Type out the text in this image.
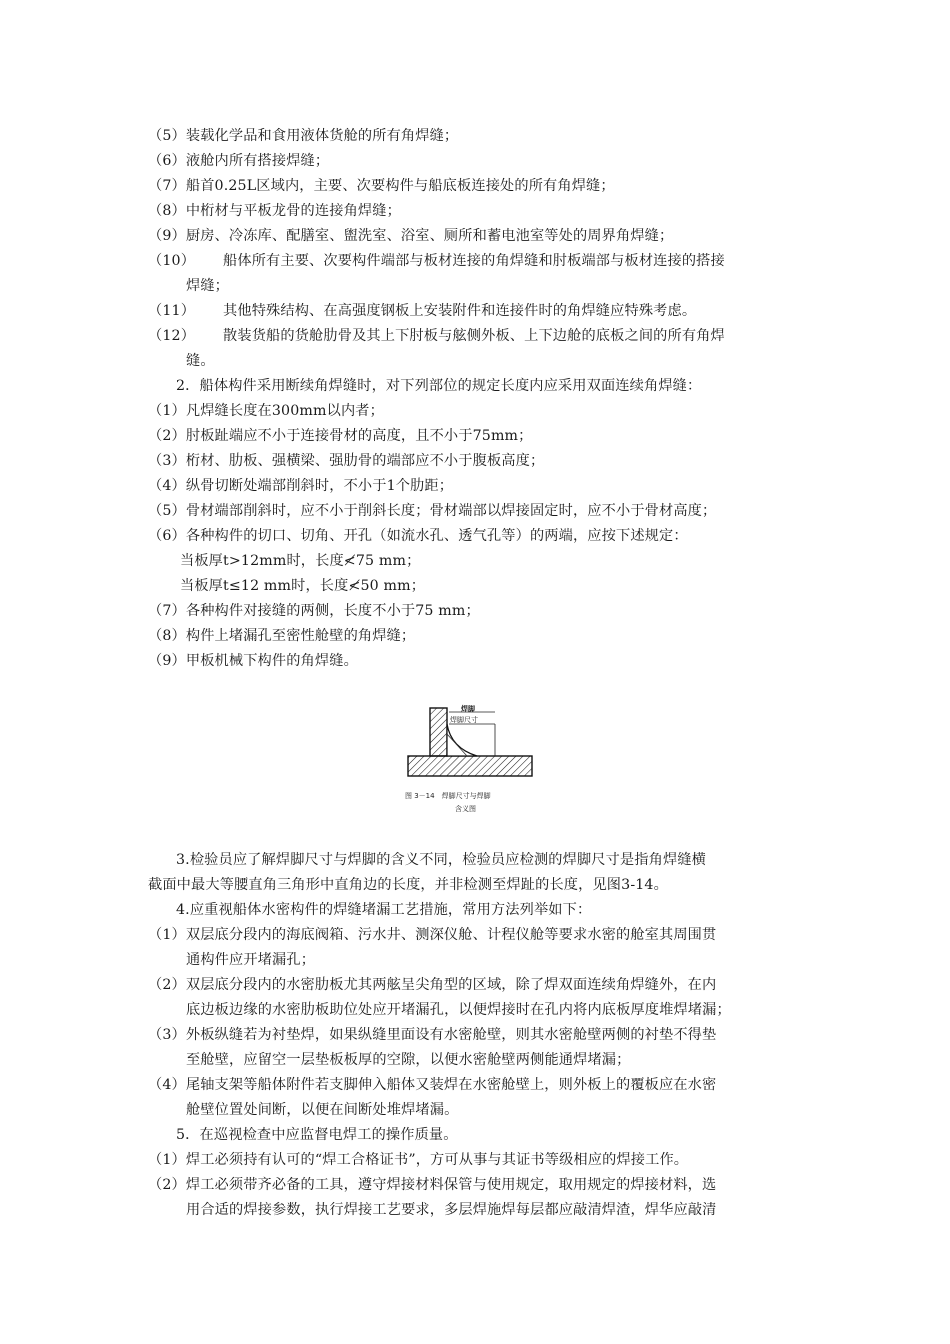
（5）装载化学品和食用液体货舱的所有角焊缝；
（6）液舱内所有搭接焊缝；
（7）船首0.25L区域内，主要、次要构件与船底板连接处的所有角焊缝；
（8）中桁材与平板龙骨的连接角焊缝；
（9）厨房、冷冻库、配膳室、盥洗室、浴室、厕所和蓄电池室等处的周界角焊缝；
（10） 船体所有主要、次要构件端部与板材连接的角焊缝和肘板端部与板材连接的搭接
焊缝；
（11） 其他特殊结构、在高强度钢板上安装附件和连接件时的角焊缝应特殊考虑。
（12） 散装货船的货舱肋骨及其上下肘板与舷侧外板、上下边舱的底板之间的所有角焊
缝。
2．船体构件采用断续角焊缝时，对下列部位的规定长度内应采用双面连续角焊缝：
（1）凡焊缝长度在300mm以内者；
（2）肘板趾端应不小于连接骨材的高度，且不小于75mm；
（3）桁材、肋板、强横梁、强肋骨的端部应不小于腹板高度；
（4）纵骨切断处端部削斜时，不小于1个肋距；
（5）骨材端部削斜时，应不小于削斜长度；骨材端部以焊接固定时，应不小于骨材高度；
（6）各种构件的切口、切角、开孔（如流水孔、透气孔等）的两端，应按下述规定：
当板厚t>12mm时，长度≮75 mm；
当板厚t≤12 mm时，长度≮50 mm；
（7）各种构件对接缝的两侧，长度不小于75 mm；
（8）构件上堵漏孔至密性舱壁的角焊缝；
（9）甲板机械下构件的角焊缝。
焊脚
焊脚尺寸
图 3－14　焊脚尺寸与焊脚
含义图
3.检验员应了解焊脚尺寸与焊脚的含义不同，检验员应检测的焊脚尺寸是指角焊缝横
截面中最大等腰直角三角形中直角边的长度，并非检测至焊趾的长度，见图3-14。
4.应重视船体水密构件的焊缝堵漏工艺措施，常用方法列举如下：
（1）双层底分段内的海底阀箱、污水井、测深仪舱、计程仪舱等要求水密的舱室其周围贯
通构件应开堵漏孔；
（2）双层底分段内的水密肋板尤其两舷呈尖角型的区域，除了焊双面连续角焊缝外，在内
底边板边缘的水密肋板助位处应开堵漏孔，以便焊接时在孔内将内底板厚度堆焊堵漏；
（3）外板纵缝若为衬垫焊，如果纵缝里面设有水密舱壁，则其水密舱壁两侧的衬垫不得垫
至舱壁，应留空一层垫板板厚的空隙，以便水密舱壁两侧能通焊堵漏；
（4）尾轴支架等船体附件若支脚伸入船体又装焊在水密舱壁上，则外板上的覆板应在水密
舱壁位置处间断，以便在间断处堆焊堵漏。
5．在巡视检查中应监督电焊工的操作质量。
（1）焊工必须持有认可的“焊工合格证书”，方可从事与其证书等级相应的焊接工作。
（2）焊工必须带齐必备的工具，遵守焊接材料保管与使用规定，取用规定的焊接材料，选
用合适的焊接参数，执行焊接工艺要求，多层焊施焊每层都应敲清焊渣，焊华应敲清
